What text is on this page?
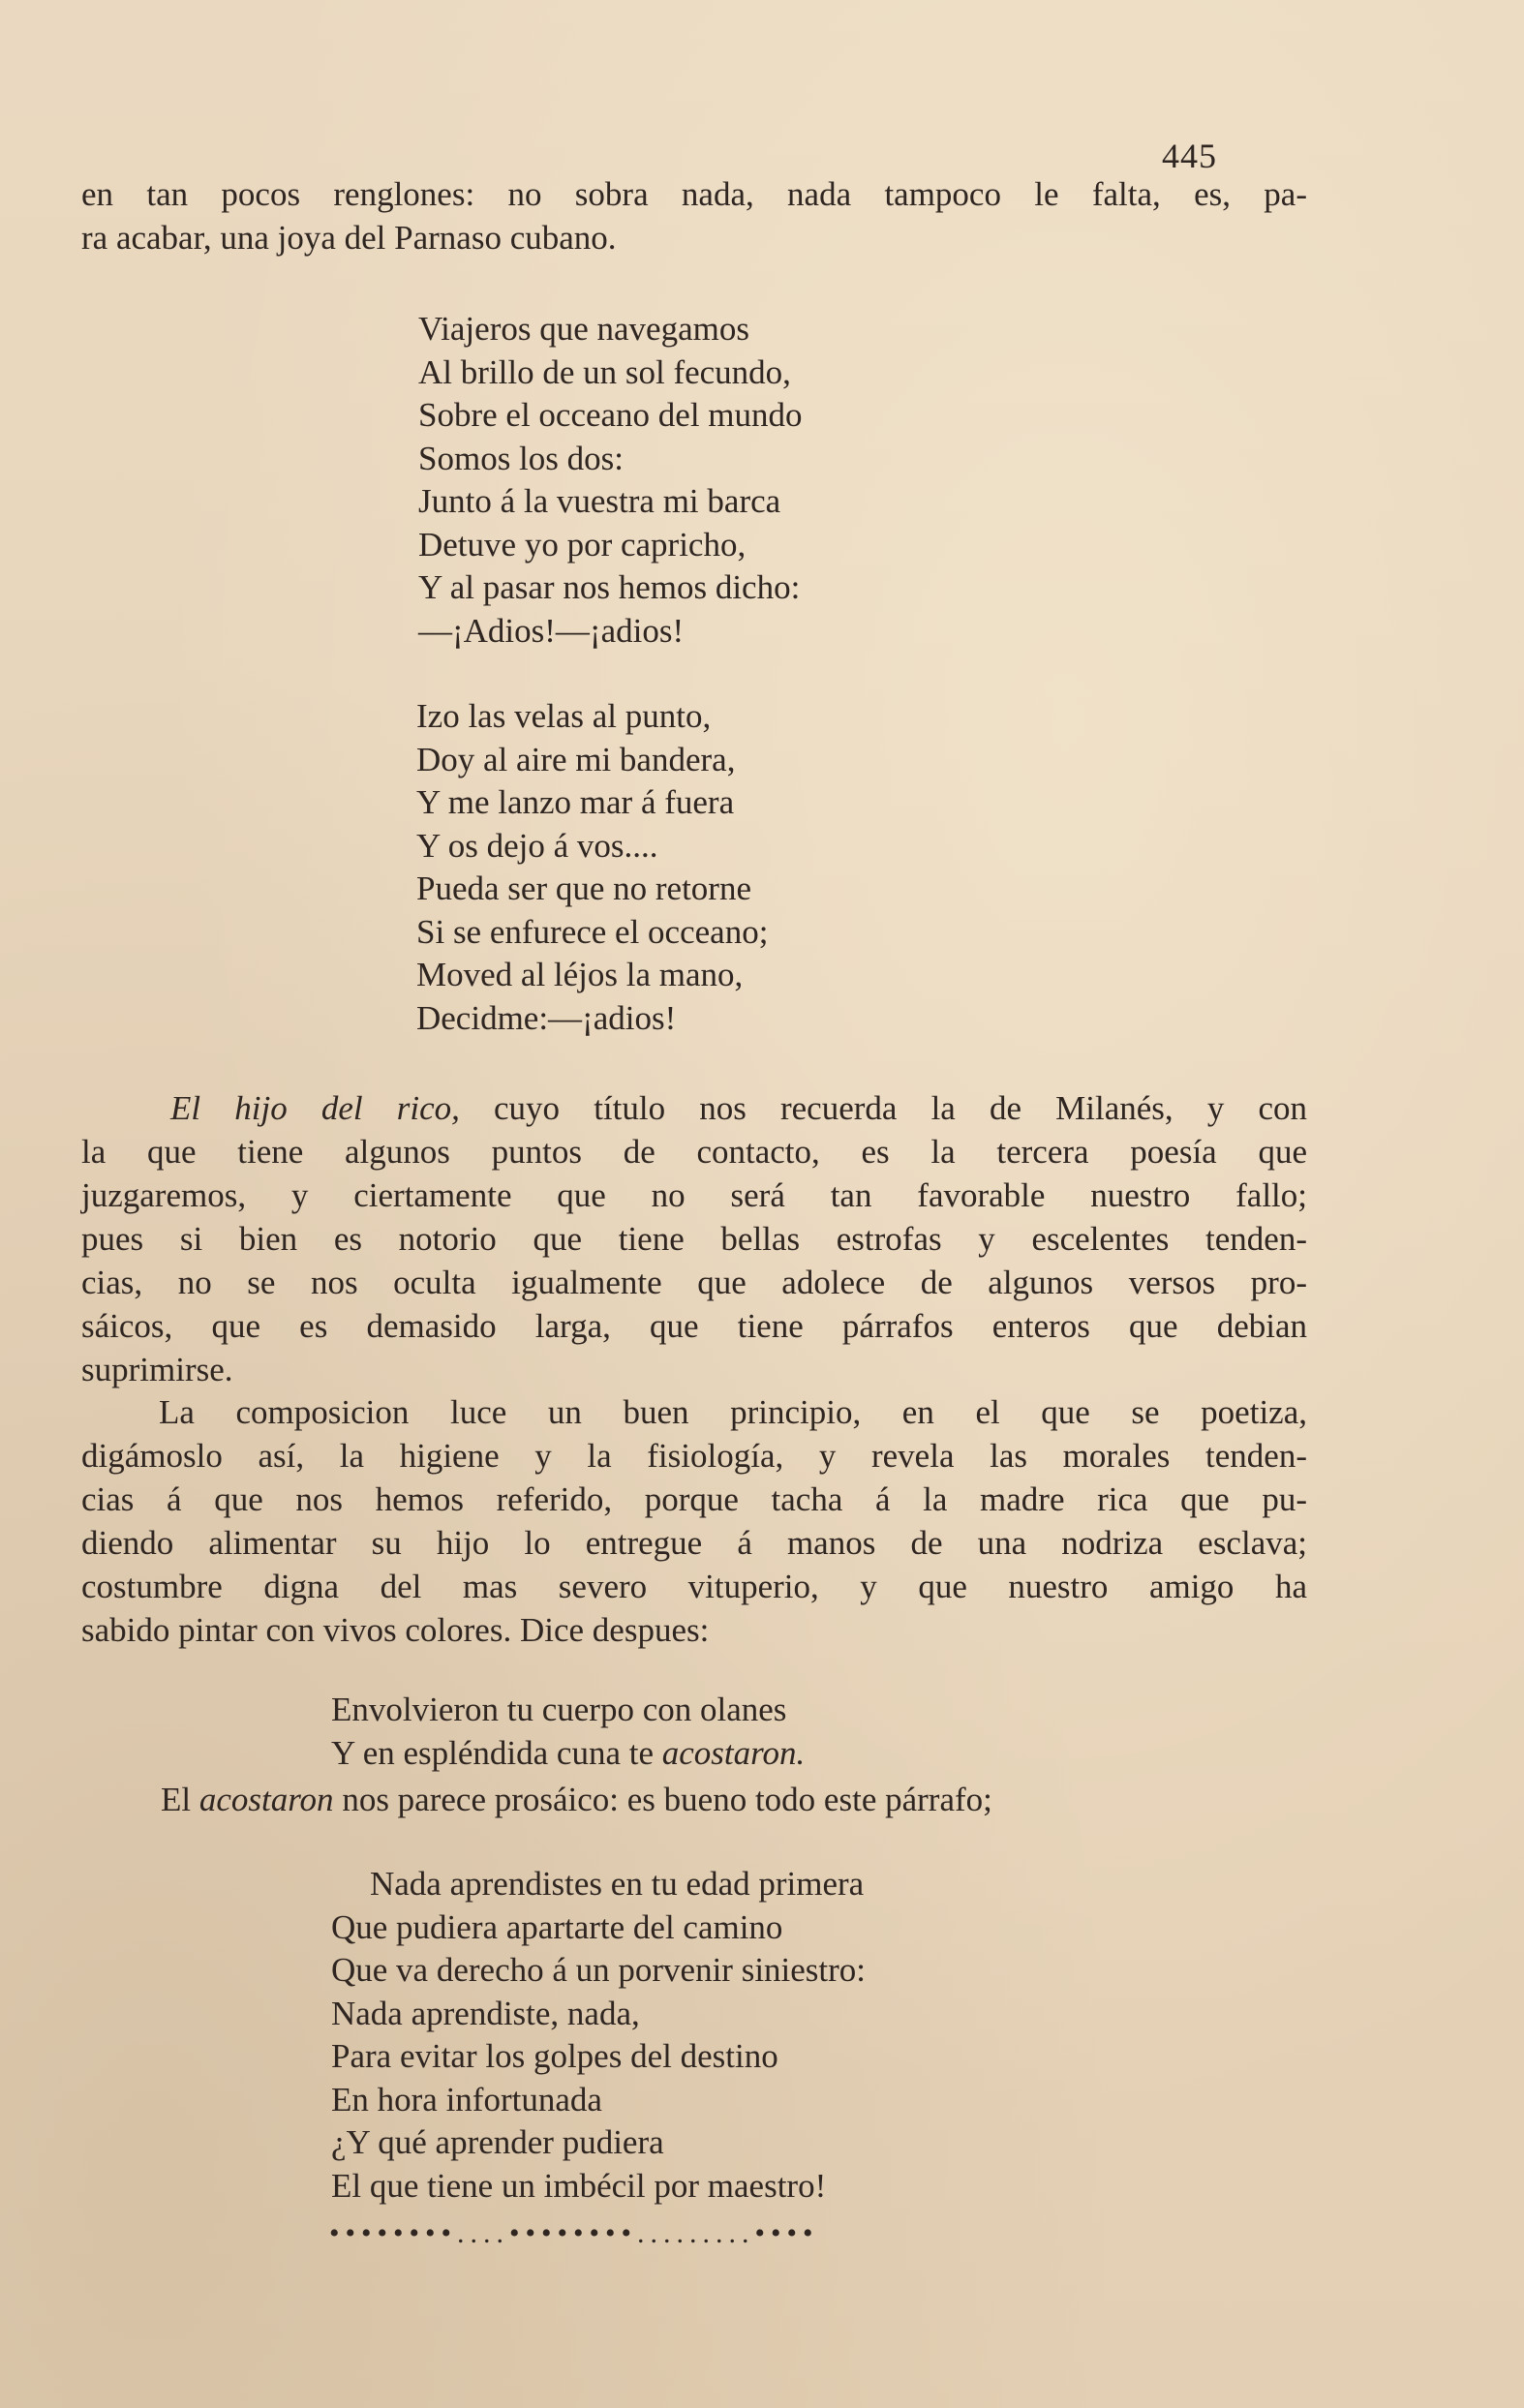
445
en tan pocos renglones: no sobra nada, nada tampoco le falta, es, pa-
ra acabar, una joya del Parnaso cubano.
Viajeros que navegamos
Al brillo de un sol fecundo,
Sobre el occeano del mundo
Somos los dos:
Junto á la vuestra mi barca
Detuve yo por capricho,
Y al pasar nos hemos dicho:
—¡Adios!—¡adios!
Izo las velas al punto,
Doy al aire mi bandera,
Y me lanzo mar á fuera
Y os dejo á vos....
Pueda ser que no retorne
Si se enfurece el occeano;
Moved al léjos la mano,
Decidme:—¡adios!
El hijo del rico, cuyo título nos recuerda la de Milanés, y con
la que tiene algunos puntos de contacto, es la tercera poesía que
juzgaremos, y ciertamente que no será tan favorable nuestro fallo;
pues si bien es notorio que tiene bellas estrofas y escelentes tenden-
cias, no se nos oculta igualmente que adolece de algunos versos pro-
sáicos, que es demasido larga, que tiene párrafos enteros que debian
suprimirse.
La composicion luce un buen principio, en el que se poetiza,
digámoslo así, la higiene y la fisiología, y revela las morales tenden-
cias á que nos hemos referido, porque tacha á la madre rica que pu-
diendo alimentar su hijo lo entregue á manos de una nodriza esclava;
costumbre digna del mas severo vituperio, y que nuestro amigo ha
sabido pintar con vivos colores. Dice despues:
Envolvieron tu cuerpo con olanes
Y en espléndida cuna te acostaron.
El acostaron nos parece prosáico: es bueno todo este párrafo;
Nada aprendistes en tu edad primera
Que pudiera apartarte del camino
Que va derecho á un porvenir siniestro:
Nada aprendiste, nada,
Para evitar los golpes del destino
En hora infortunada
¿Y qué aprender pudiera
El que tiene un imbécil por maestro!
••••••••....••••••••.........••••
